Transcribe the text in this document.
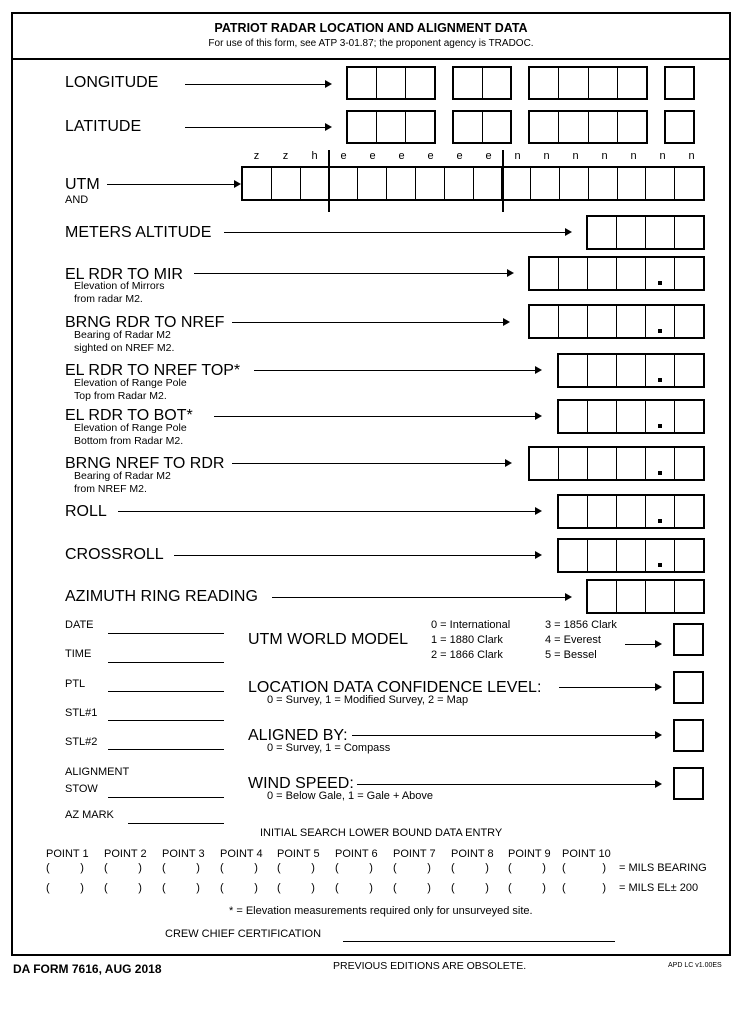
PATRIOT RADAR LOCATION AND ALIGNMENT DATA
For use of this form, see ATP 3-01.87; the proponent agency is TRADOC.
LONGITUDE
LATITUDE
z	z	h	e	e	e	e	e	e	n	n	n	n	n	n	n
UTM
AND
METERS ALTITUDE
EL RDR TO MIR
Elevation of Mirrors
from radar M2.
BRNG RDR TO NREF
Bearing of Radar M2
sighted on NREF M2.
EL RDR TO NREF TOP*
Elevation of Range Pole
Top from Radar M2.
EL RDR TO BOT*
Elevation of Range Pole
Bottom from Radar M2.
BRNG NREF TO RDR
Bearing of Radar M2
from NREF M2.
ROLL
CROSSROLL
AZIMUTH RING READING
DATE
TIME
PTL
STL#1
STL#2
ALIGNMENT
STOW
AZ MARK
UTM WORLD MODEL
0 = International
1 = 1880 Clark
2 = 1866 Clark
3 = 1856 Clark
4 = Everest
5 = Bessel
LOCATION DATA CONFIDENCE LEVEL:
0 = Survey, 1 = Modified Survey, 2 = Map
ALIGNED BY:
0 = Survey, 1 = Compass
WIND SPEED:
0 = Below Gale, 1 = Gale + Above
INITIAL SEARCH LOWER BOUND DATA ENTRY
POINT 1 POINT 2 POINT 3 POINT 4 POINT 5 POINT 6 POINT 7 POINT 8 POINT 9 POINT 10
(          ) (          ) (          ) (          ) (          ) (          ) (          ) (          ) (          ) (            ) = MILS BEARING
(          ) (          ) (          ) (          ) (          ) (          ) (          ) (          ) (          ) (            ) = MILS EL± 200
* = Elevation measurements required only for unsurveyed site.
CREW CHIEF CERTIFICATION
DA FORM 7616, AUG 2018	PREVIOUS EDITIONS ARE OBSOLETE.	APD LC v1.00ES
